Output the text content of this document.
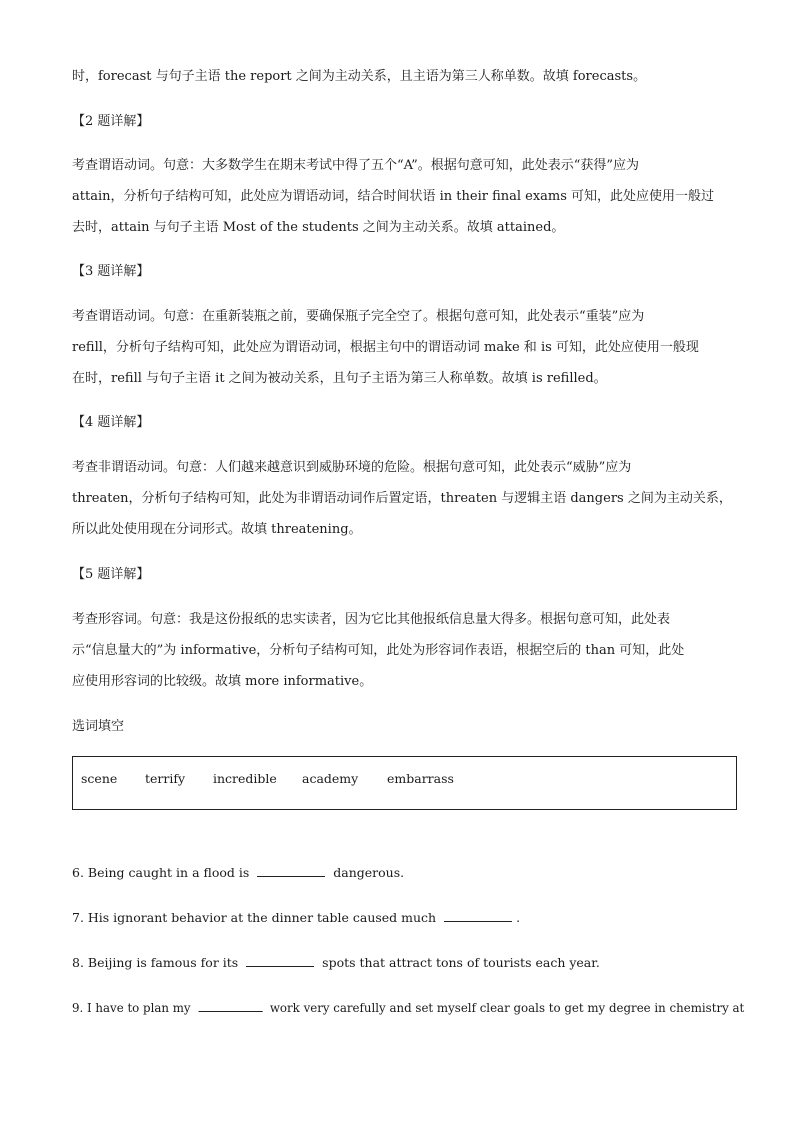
时，forecast 与句子主语 the report 之间为主动关系，且主语为第三人称单数。故填 forecasts。
【2 题详解】
考查谓语动词。句意：大多数学生在期末考试中得了五个“A”。根据句意可知，此处表示“获得”应为
attain，分析句子结构可知，此处应为谓语动词，结合时间状语 in their final exams 可知，此处应使用一般过
去时，attain 与句子主语 Most of the students 之间为主动关系。故填 attained。
【3 题详解】
考查谓语动词。句意：在重新装瓶之前，要确保瓶子完全空了。根据句意可知，此处表示“重装”应为
refill，分析句子结构可知，此处应为谓语动词，根据主句中的谓语动词 make 和 is 可知，此处应使用一般现
在时，refill 与句子主语 it 之间为被动关系，且句子主语为第三人称单数。故填 is refilled。
【4 题详解】
考查非谓语动词。句意：人们越来越意识到威胁环境的危险。根据句意可知，此处表示“威胁”应为
threaten，分析句子结构可知，此处为非谓语动词作后置定语，threaten 与逻辑主语 dangers 之间为主动关系，
所以此处使用现在分词形式。故填 threatening。
【5 题详解】
考查形容词。句意：我是这份报纸的忠实读者，因为它比其他报纸信息量大得多。根据句意可知，此处表
示“信息量大的”为 informative，分析句子结构可知，此处为形容词作表语，根据空后的 than 可知，此处
应使用形容词的比较级。故填 more informative。
选词填空
scene terrify incredible academy embarrass
6. Being caught in a flood is	dangerous.
7. His ignorant behavior at the dinner table caused much	.
8. Beijing is famous for its	spots that attract tons of tourists each year.
9. I have to plan my	work very carefully and set myself clear goals to get my degree in chemistry at
